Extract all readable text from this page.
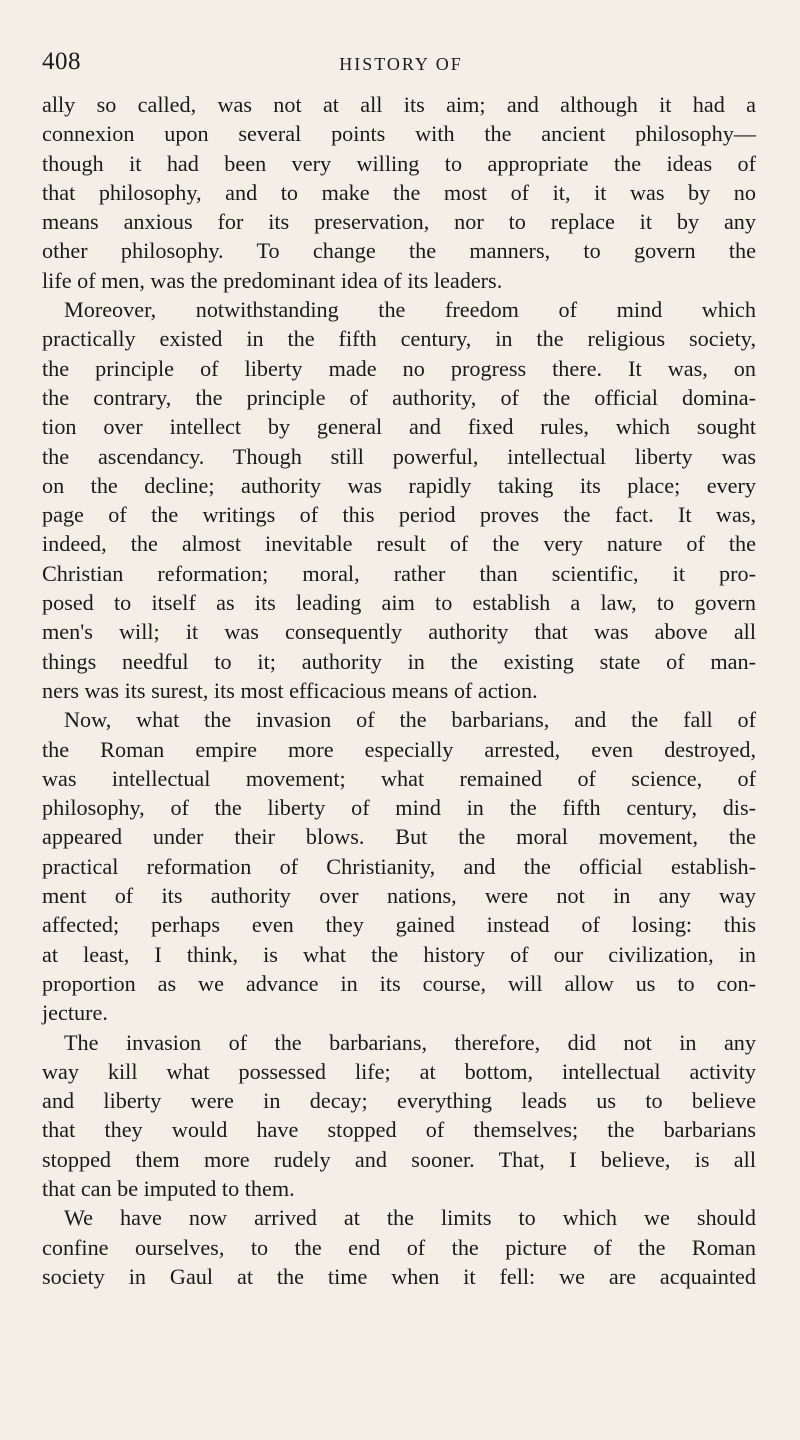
408	HISTORY OF
ally so called, was not at all its aim; and although it had a
connexion upon several points with the ancient philosophy—
though it had been very willing to appropriate the ideas of
that philosophy, and to make the most of it, it was by no
means anxious for its preservation, nor to replace it by any
other philosophy. To change the manners, to govern the
life of men, was the predominant idea of its leaders.
Moreover, notwithstanding the freedom of mind which
practically existed in the fifth century, in the religious society,
the principle of liberty made no progress there. It was, on
the contrary, the principle of authority, of the official domina-
tion over intellect by general and fixed rules, which sought
the ascendancy. Though still powerful, intellectual liberty was
on the decline; authority was rapidly taking its place; every
page of the writings of this period proves the fact. It was,
indeed, the almost inevitable result of the very nature of the
Christian reformation; moral, rather than scientific, it pro-
posed to itself as its leading aim to establish a law, to govern
men's will; it was consequently authority that was above all
things needful to it; authority in the existing state of man-
ners was its surest, its most efficacious means of action.
Now, what the invasion of the barbarians, and the fall of
the Roman empire more especially arrested, even destroyed,
was intellectual movement; what remained of science, of
philosophy, of the liberty of mind in the fifth century, dis-
appeared under their blows. But the moral movement, the
practical reformation of Christianity, and the official establish-
ment of its authority over nations, were not in any way
affected; perhaps even they gained instead of losing: this
at least, I think, is what the history of our civilization, in
proportion as we advance in its course, will allow us to con-
jecture.
The invasion of the barbarians, therefore, did not in any
way kill what possessed life; at bottom, intellectual activity
and liberty were in decay; everything leads us to believe
that they would have stopped of themselves; the barbarians
stopped them more rudely and sooner. That, I believe, is all
that can be imputed to them.
We have now arrived at the limits to which we should
confine ourselves, to the end of the picture of the Roman
society in Gaul at the time when it fell: we are acquainted
